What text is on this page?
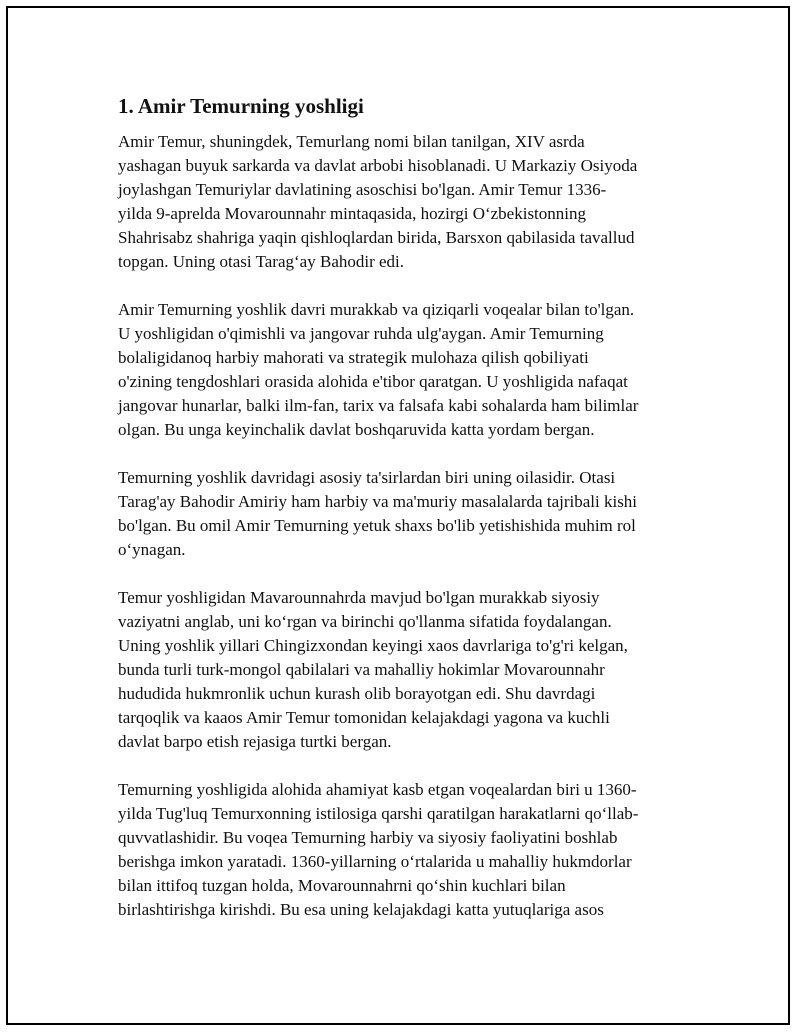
1. Amir Temurning yoshligi

Amir Temur, shuningdek, Temurlang nomi bilan tanilgan, XIV asrda
yashagan buyuk sarkarda va davlat arbobi hisoblanadi. U Markaziy Osiyoda
joylashgan Temuriylar davlatining asoschisi bo'lgan. Amir Temur 1336-
yilda 9-aprelda Movarounnahr mintaqasida, hozirgi Oʻzbekistonning
Shahrisabz shahriga yaqin qishloqlardan birida, Barsxon qabilasida tavallud
topgan. Uning otasi Taragʻay Bahodir edi.

Amir Temurning yoshlik davri murakkab va qiziqarli voqealar bilan to'lgan.
U yoshligidan o'qimishli va jangovar ruhda ulg'aygan. Amir Temurning
bolaligidanoq harbiy mahorati va strategik mulohaza qilish qobiliyati
o'zining tengdoshlari orasida alohida e'tibor qaratgan. U yoshligida nafaqat
jangovar hunarlar, balki ilm-fan, tarix va falsafa kabi sohalarda ham bilimlar
olgan. Bu unga keyinchalik davlat boshqaruvida katta yordam bergan.

Temurning yoshlik davridagi asosiy ta'sirlardan biri uning oilasidir. Otasi
Tarag'ay Bahodir Amiriy ham harbiy va ma'muriy masalalarda tajribali kishi
bo'lgan. Bu omil Amir Temurning yetuk shaxs bo'lib yetishishida muhim rol
oʻynagan.

Temur yoshligidan Mavarounnahrda mavjud bo'lgan murakkab siyosiy
vaziyatni anglab, uni koʻrgan va birinchi qo'llanma sifatida foydalangan.
Uning yoshlik yillari Chingizxondan keyingi xaos davrlariga to'g'ri kelgan,
bunda turli turk-mongol qabilalari va mahalliy hokimlar Movarounnahr
hududida hukmronlik uchun kurash olib borayotgan edi. Shu davrdagi
tarqoqlik va kaaos Amir Temur tomonidan kelajakdagi yagona va kuchli
davlat barpo etish rejasiga turtki bergan.

Temurning yoshligida alohida ahamiyat kasb etgan voqealardan biri u 1360-
yilda Tug'luq Temurxonning istilosiga qarshi qaratilgan harakatlarni qoʻllab-
quvvatlashidir. Bu voqea Temurning harbiy va siyosiy faoliyatini boshlab
berishga imkon yaratadi. 1360-yillarning oʻrtalarida u mahalliy hukmdorlar
bilan ittifoq tuzgan holda, Movarounnahrni qoʻshin kuchlari bilan
birlashtirishga kirishdi. Bu esa uning kelajakdagi katta yutuqlariga asos
